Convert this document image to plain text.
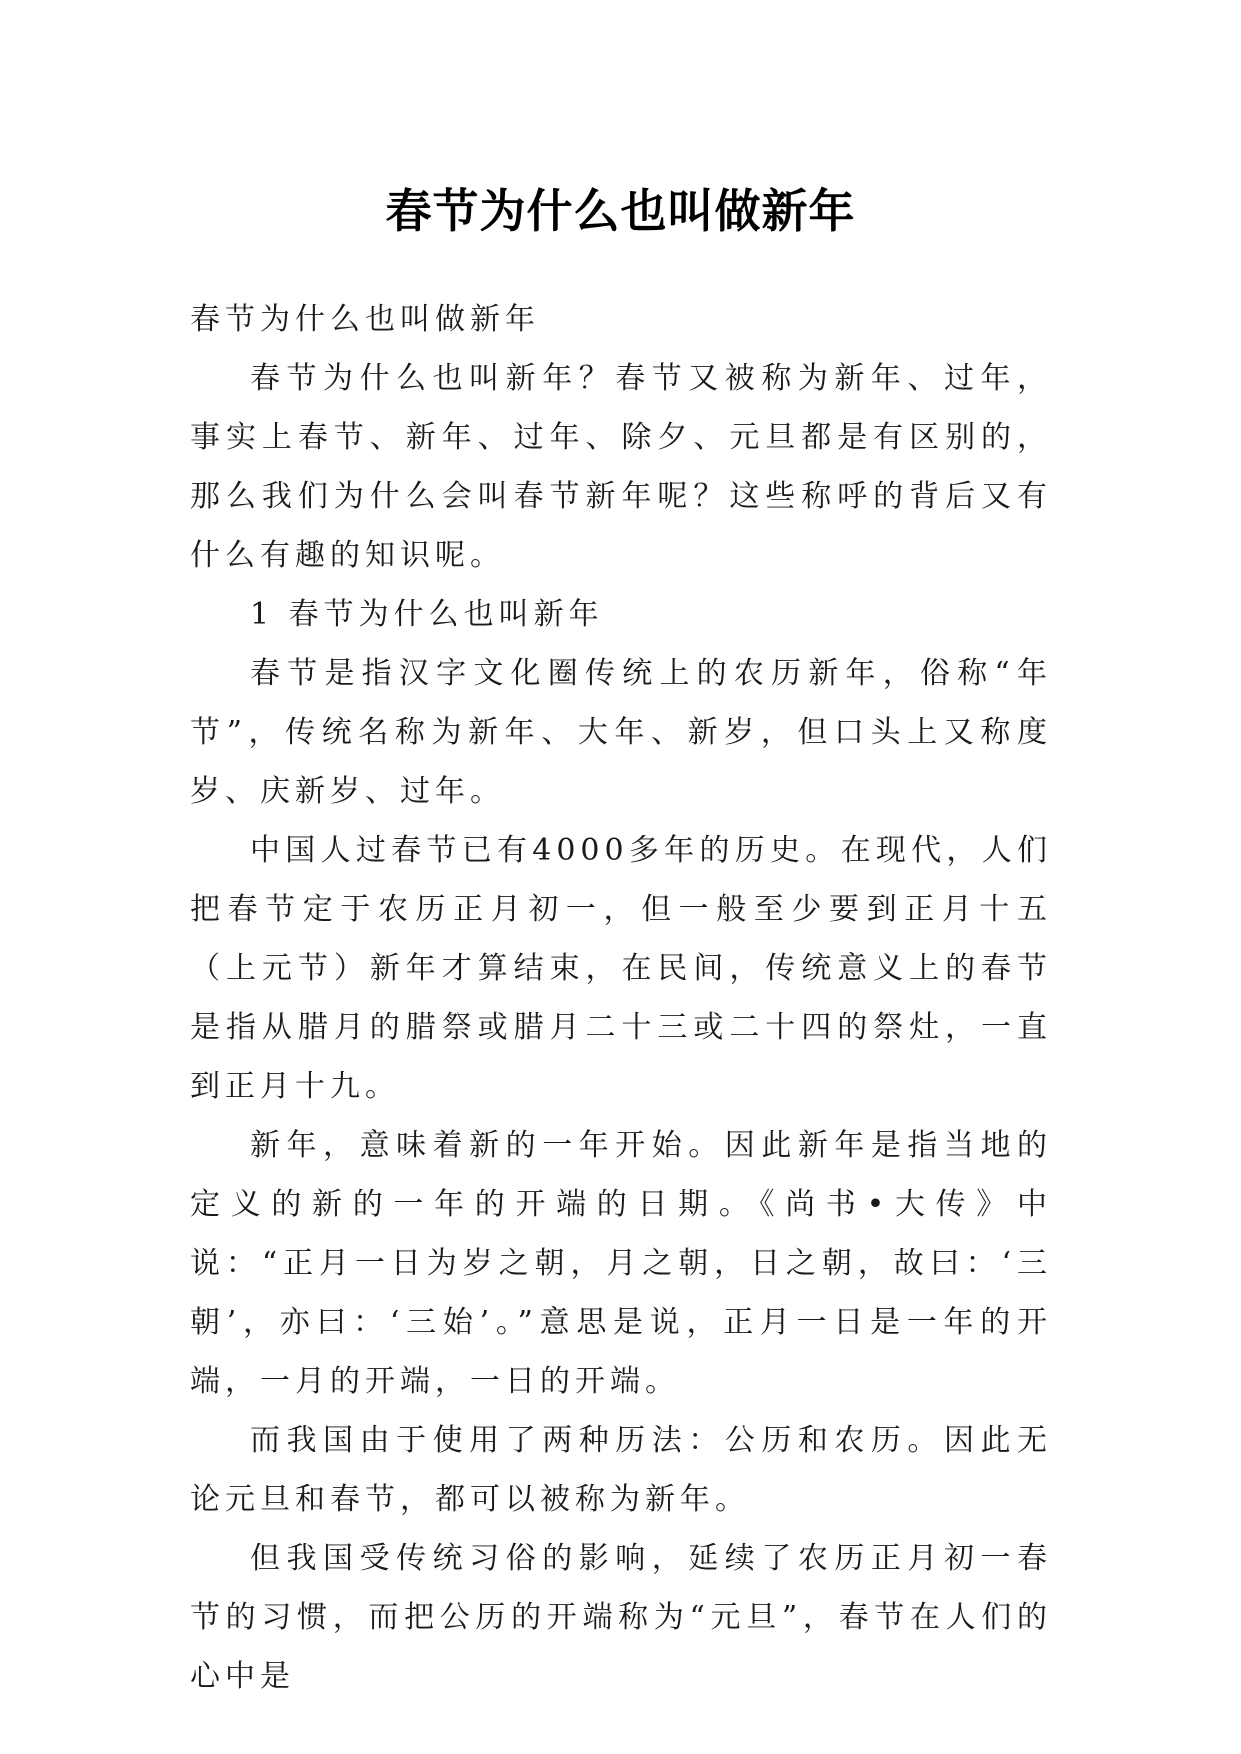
春节为什么也叫做新年

春节为什么也叫做新年

春节为什么也叫新年？春节又被称为新年、过年，事实上春节、新年、过年、除夕、元旦都是有区别的，那么我们为什么会叫春节新年呢？这些称呼的背后又有什么有趣的知识呢。

1 春节为什么也叫新年

春节是指汉字文化圈传统上的农历新年，俗称“年节”，传统名称为新年、大年、新岁，但口头上又称度岁、庆新岁、过年。

中国人过春节已有4000多年的历史。在现代，人们把春节定于农历正月初一，但一般至少要到正月十五（上元节）新年才算结束，在民间，传统意义上的春节是指从腊月的腊祭或腊月二十三或二十四的祭灶，一直到正月十九。

新年，意味着新的一年开始。因此新年是指当地的定义的新的一年的开端的日期。《尚书•大传》中说：“正月一日为岁之朝，月之朝，日之朝，故曰：‘三朝’，亦曰：‘三始’。”意思是说，正月一日是一年的开端，一月的开端，一日的开端。

而我国由于使用了两种历法：公历和农历。因此无论元旦和春节，都可以被称为新年。

但我国受传统习俗的影响，延续了农历正月初一春节的习惯，而把公历的开端称为“元旦”，春节在人们的心中是
